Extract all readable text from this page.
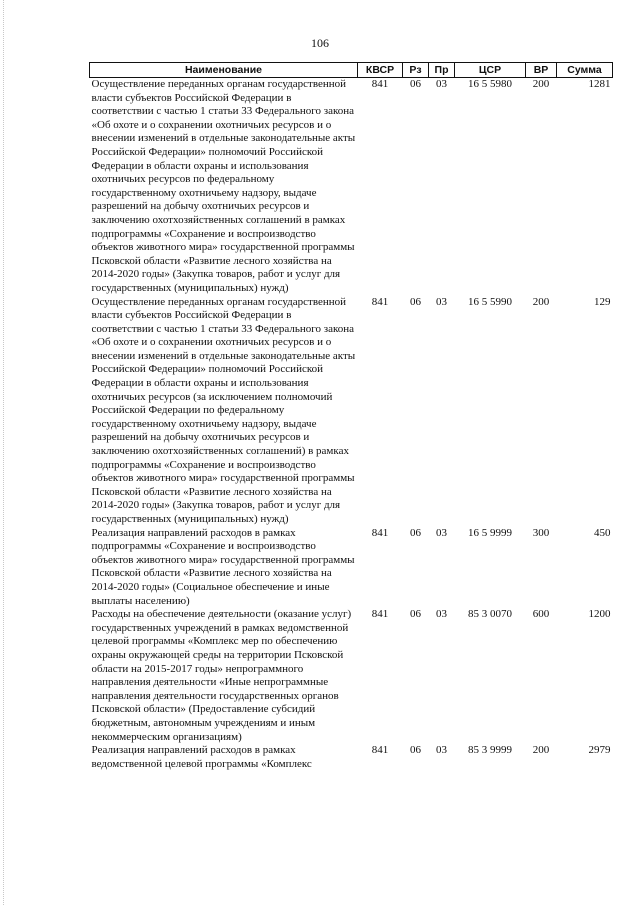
106
Наименование	КВСР	Рз	Пр	ЦСР	ВР	Сумма
Осуществление переданных органам государственной власти субъектов Российской Федерации в соответствии с частью 1 статьи 33 Федерального закона «Об охоте и о сохранении охотничьих ресурсов и о внесении изменений в отдельные законодательные акты Российской Федерации» полномочий Российской Федерации в области охраны и использования охотничьих ресурсов по федеральному государственному охотничьему надзору, выдаче разрешений на добычу охотничьих ресурсов и заключению охотхозяйственных соглашений в рамках подпрограммы «Сохранение и воспроизводство объектов животного мира» государственной программы Псковской области «Развитие лесного хозяйства на 2014-2020 годы» (Закупка товаров, работ и услуг для государственных (муниципальных) нужд)	841	06	03	16 5 5980	200	1281
Осуществление переданных органам государственной власти субъектов Российской Федерации в соответствии с частью 1 статьи 33 Федерального закона «Об охоте и о сохранении охотничьих ресурсов и о внесении изменений в отдельные законодательные акты Российской Федерации» полномочий Российской Федерации в области охраны и использования охотничьих ресурсов (за исключением полномочий Российской Федерации по федеральному государственному охотничьему надзору, выдаче разрешений на добычу охотничьих ресурсов и заключению охотхозяйственных соглашений) в рамках подпрограммы «Сохранение и воспроизводство объектов животного мира» государственной программы Псковской области «Развитие лесного хозяйства на 2014-2020 годы» (Закупка товаров, работ и услуг для государственных (муниципальных) нужд)	841	06	03	16 5 5990	200	129
Реализация направлений расходов в рамках подпрограммы «Сохранение и воспроизводство объектов животного мира» государственной программы Псковской области «Развитие лесного хозяйства на 2014-2020 годы» (Социальное обеспечение и иные выплаты населению)	841	06	03	16 5 9999	300	450
Расходы на обеспечение деятельности (оказание услуг) государственных учреждений в рамках ведомственной целевой программы «Комплекс мер по обеспечению охраны окружающей среды на территории Псковской области на 2015-2017 годы» непрограммного направления деятельности «Иные непрограммные направления деятельности государственных органов Псковской области» (Предоставление субсидий бюджетным, автономным учреждениям и иным некоммерческим организациям)	841	06	03	85 3 0070	600	1200
Реализация направлений расходов в рамках ведомственной целевой программы «Комплекс	841	06	03	85 3 9999	200	2979
